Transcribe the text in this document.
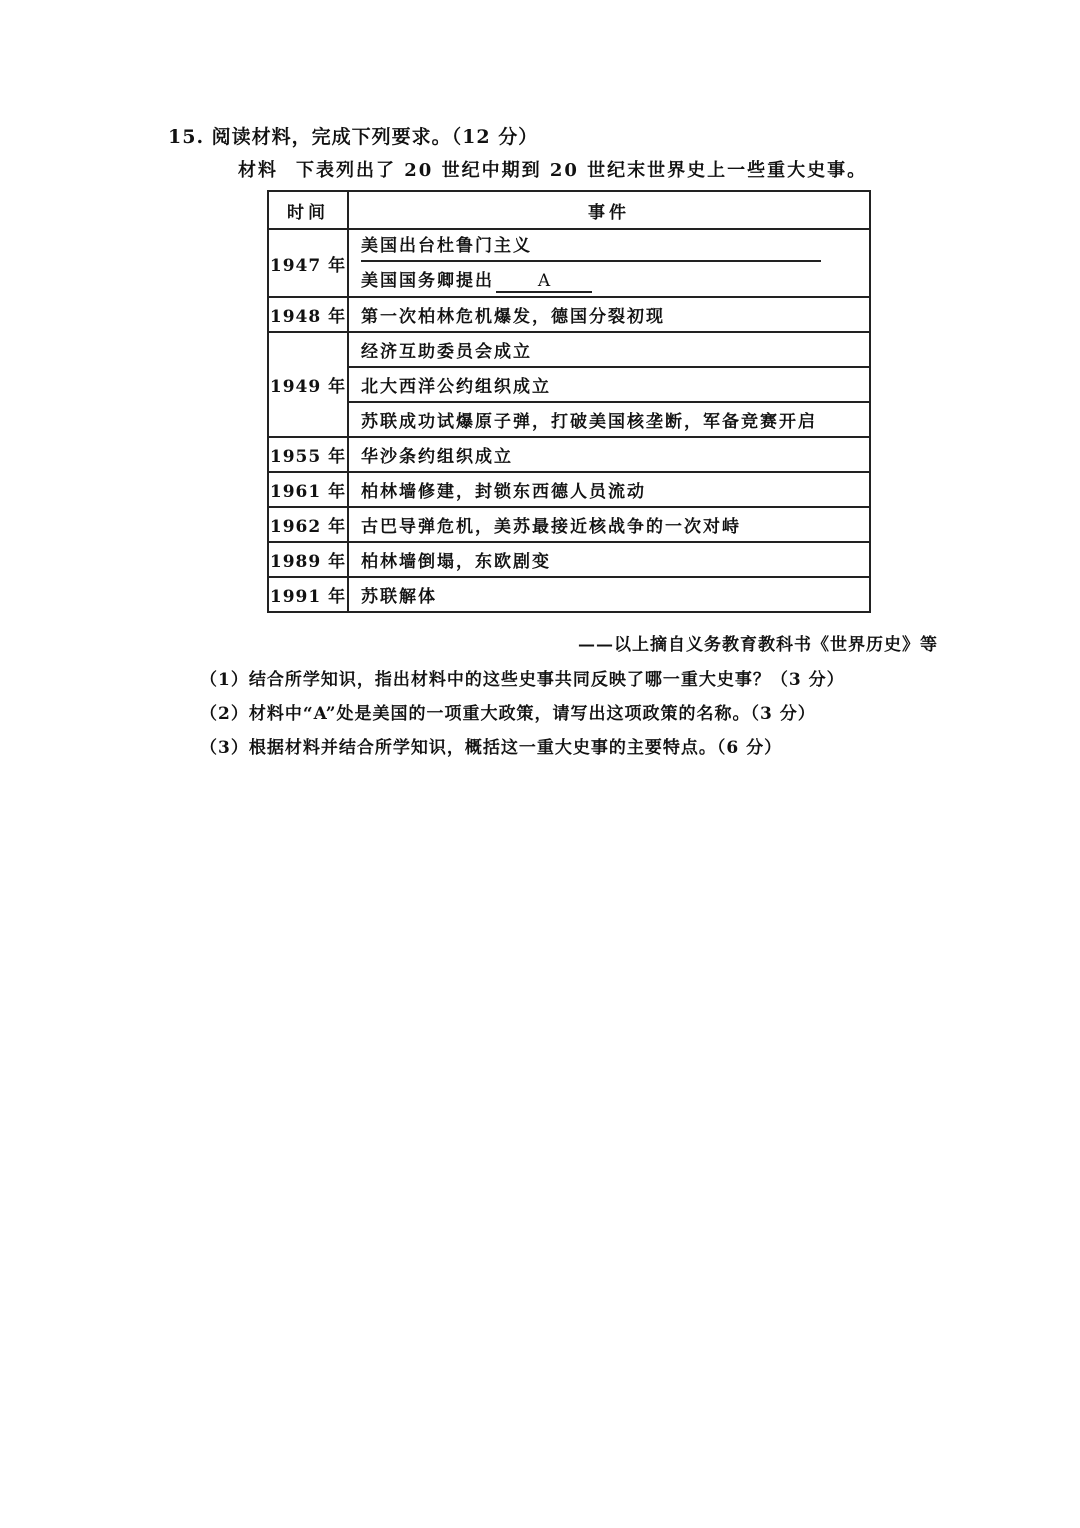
15. 阅读材料，完成下列要求。（12 分）
材料 下表列出了 20 世纪中期到 20 世纪末世界史上一些重大史事。
时间	事件
1947 年	美国出台杜鲁门主义

	美国国务卿提出 A
1948 年	第一次柏林危机爆发，德国分裂初现
1949 年	经济互助委员会成立
	北大西洋公约组织成立
	苏联成功试爆原子弹，打破美国核垄断，军备竞赛开启
1955 年	华沙条约组织成立
1961 年	柏林墙修建，封锁东西德人员流动
1962 年	古巴导弹危机，美苏最接近核战争的一次对峙
1989 年	柏林墙倒塌，东欧剧变
1991 年	苏联解体
——以上摘自义务教育教科书《世界历史》等
（1）结合所学知识，指出材料中的这些史事共同反映了哪一重大史事？（3 分）
（2）材料中“A”处是美国的一项重大政策，请写出这项政策的名称。（3 分）
（3）根据材料并结合所学知识，概括这一重大史事的主要特点。（6 分）
